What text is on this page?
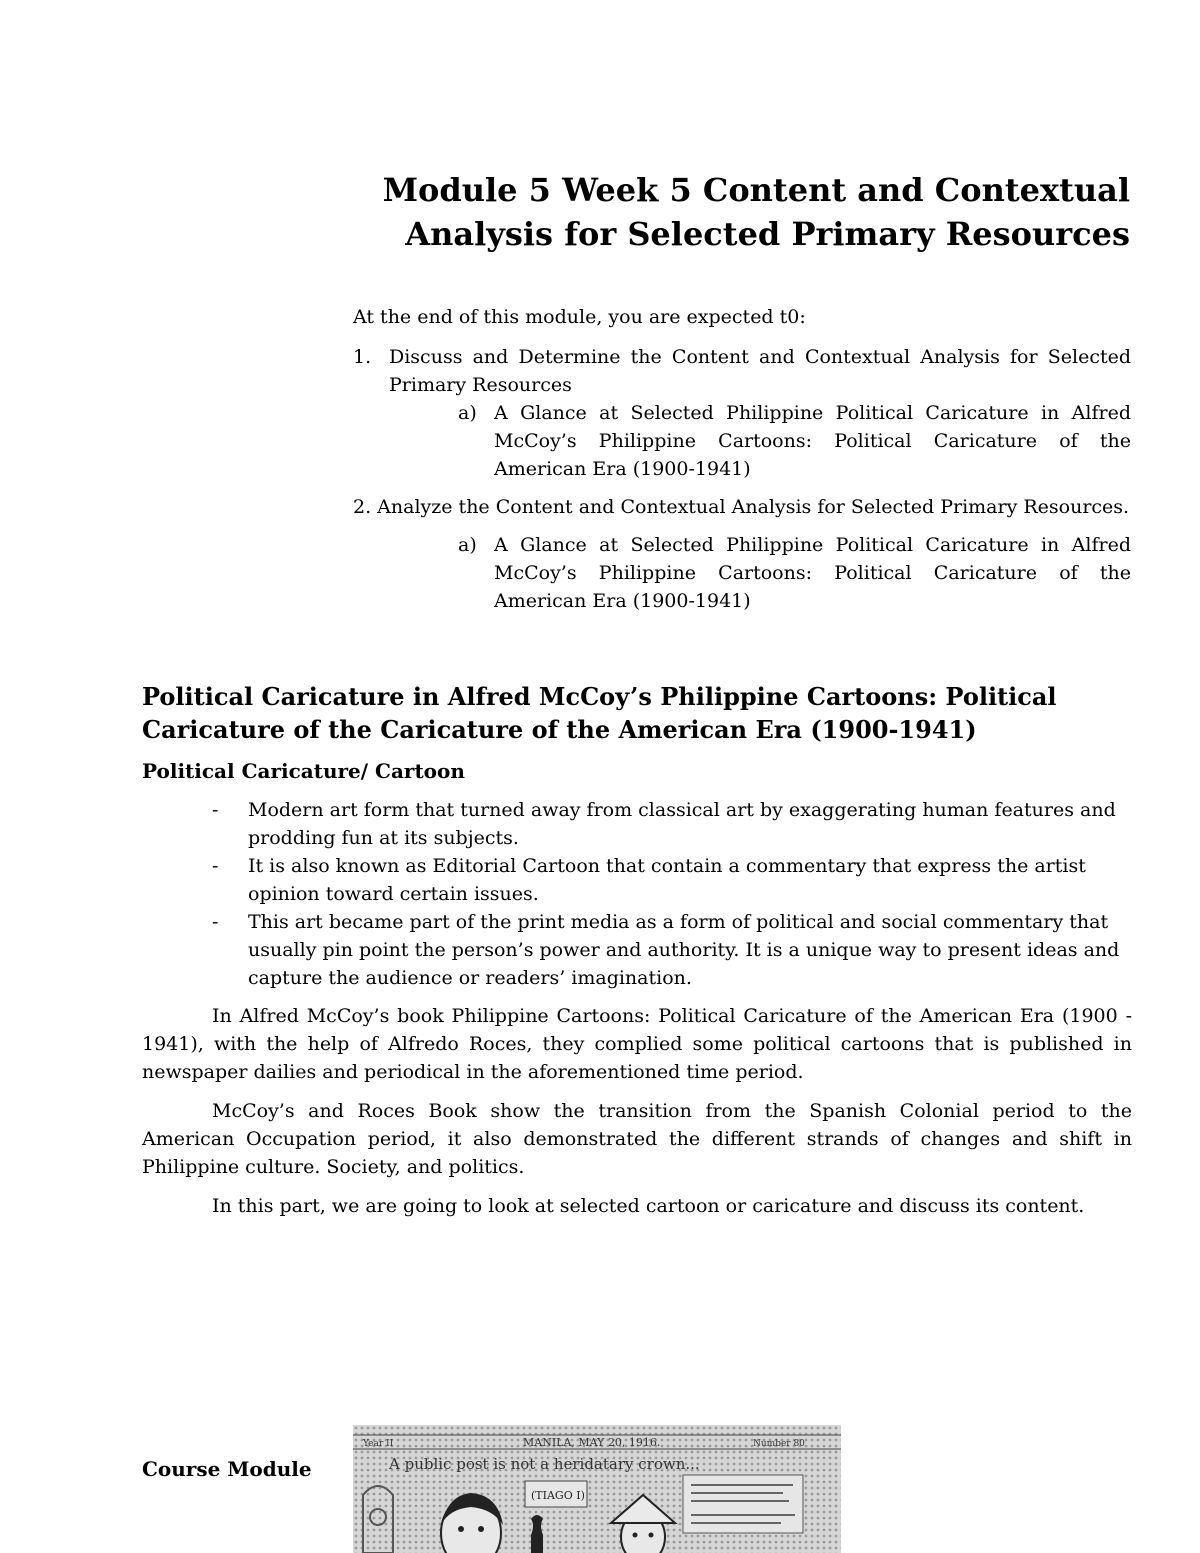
Module 5 Week 5 Content and Contextual
Analysis for Selected Primary Resources

At the end of this module, you are expected t0:

1. Discuss and Determine the Content and Contextual Analysis for Selected Primary Resources
a) A Glance at Selected Philippine Political Caricature in Alfred McCoy’s Philippine Cartoons: Political Caricature of the American Era (1900-1941)
2. Analyze the Content and Contextual Analysis for Selected Primary Resources.
a) A Glance at Selected Philippine Political Caricature in Alfred McCoy’s Philippine Cartoons: Political Caricature of the American Era (1900-1941)
Political Caricature in Alfred McCoy’s Philippine Cartoons: Political Caricature of the Caricature of the American Era (1900-1941)
Political Caricature/ Cartoon
- Modern art form that turned away from classical art by exaggerating human features and prodding fun at its subjects.
- It is also known as Editorial Cartoon that contain a commentary that express the artist opinion toward certain issues.
- This art became part of the print media as a form of political and social commentary that usually pin point the person’s power and authority. It is a unique way to present ideas and capture the audience or readers’ imagination.

In Alfred McCoy’s book Philippine Cartoons: Political Caricature of the American Era (1900 - 1941), with the help of Alfredo Roces, they complied some political cartoons that is published in newspaper dailies and periodical in the aforementioned time period.

McCoy’s and Roces Book show the transition from the Spanish Colonial period to the American Occupation period, it also demonstrated the different strands of changes and shift in Philippine culture. Society, and politics.

In this part, we are going to look at selected cartoon or caricature and discuss its content.

Course Module
Year II	MANILA, MAY 20, 1916.	Number 80
A public post is not a heridatary crown...
(TIAGO I)
